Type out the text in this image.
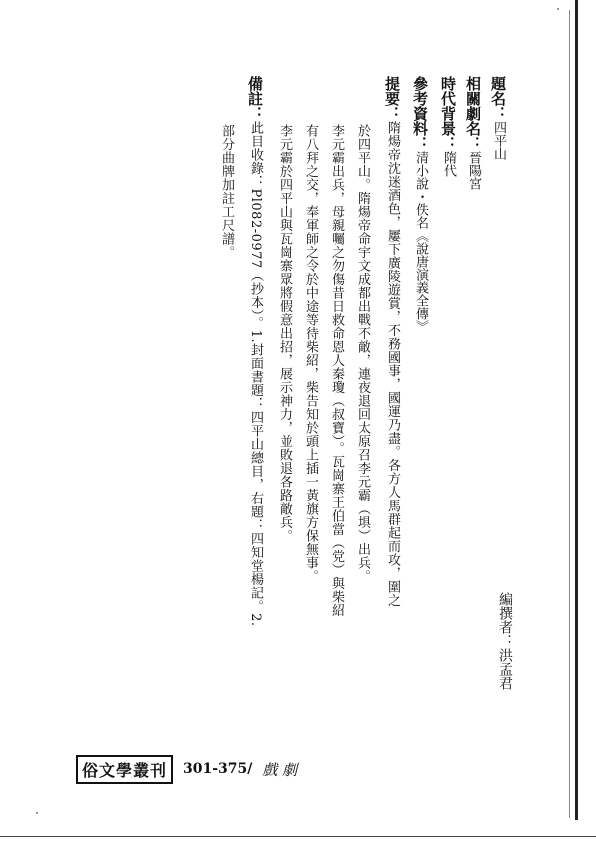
題名：四平山
相關劇名：晉陽宮
時代背景：隋代
參考資料：清小說・佚名《說唐演義全傳》
提要：隋煬帝沈迷酒色，屢下廣陵遊賞，不務國事，國運乃盡。各方人馬群起而攻，圍之
於四平山。隋煬帝命宇文成都出戰不敵，連夜退回太原召李元霸（埧）出兵。
李元霸出兵，母親囑之勿傷昔日救命恩人秦瓊（叔寶）。瓦崗寨王伯當（党）與柴紹
有八拜之交，奉軍師之令於中途等待柴紹，柴告知於頭上插一黃旗方保無事。
李元霸於四平山與瓦崗寨眾將假意出招，展示神力，並敗退各路敵兵。
備註：此目收錄：Pl082-0977（抄本）。1.封面書題：四平山總目，右題：四知堂楊記。2.
部分曲牌加註工尺譜。
編撰者：洪孟君
俗文學叢刊	301-375/ 戲 劇
